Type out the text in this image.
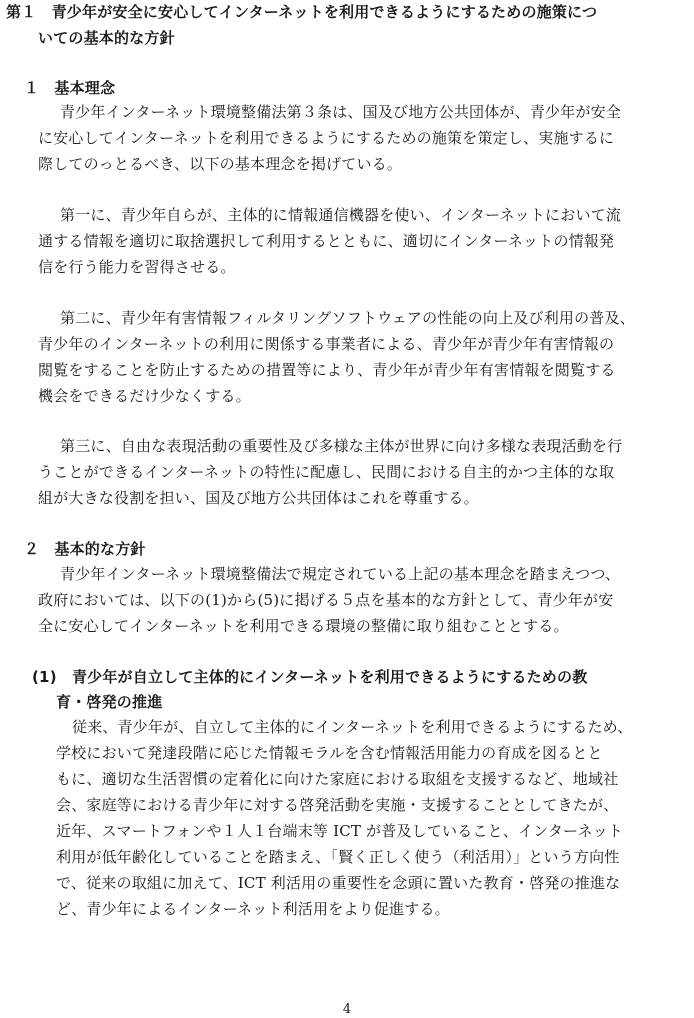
第１　青少年が安全に安心してインターネットを利用できるようにするための施策につ
いての基本的な方針
１　基本理念
青少年インターネット環境整備法第３条は、国及び地方公共団体が、青少年が安全
に安心してインターネットを利用できるようにするための施策を策定し、実施するに
際してのっとるべき、以下の基本理念を掲げている。
第一に、青少年自らが、主体的に情報通信機器を使い、インターネットにおいて流
通する情報を適切に取捨選択して利用するとともに、適切にインターネットの情報発
信を行う能力を習得させる。
第二に、青少年有害情報フィルタリングソフトウェアの性能の向上及び利用の普及、
青少年のインターネットの利用に関係する事業者による、青少年が青少年有害情報の
閲覧をすることを防止するための措置等により、青少年が青少年有害情報を閲覧する
機会をできるだけ少なくする。
第三に、自由な表現活動の重要性及び多様な主体が世界に向け多様な表現活動を行
うことができるインターネットの特性に配慮し、民間における自主的かつ主体的な取
組が大きな役割を担い、国及び地方公共団体はこれを尊重する。
２　基本的な方針
青少年インターネット環境整備法で規定されている上記の基本理念を踏まえつつ、
政府においては、以下の(1)から(5)に掲げる５点を基本的な方針として、青少年が安
全に安心してインターネットを利用できる環境の整備に取り組むこととする。
(1)　青少年が自立して主体的にインターネットを利用できるようにするための教
育・啓発の推進
従来、青少年が、自立して主体的にインターネットを利用できるようにするため、
学校において発達段階に応じた情報モラルを含む情報活用能力の育成を図るとと
もに、適切な生活習慣の定着化に向けた家庭における取組を支援するなど、地域社
会、家庭等における青少年に対する啓発活動を実施・支援することとしてきたが、
近年、スマートフォンや１人１台端末等 ICT が普及していること、インターネット
利用が低年齢化していることを踏まえ、「賢く正しく使う（利活用）」という方向性
で、従来の取組に加えて、ICT 利活用の重要性を念頭に置いた教育・啓発の推進な
ど、青少年によるインターネット利活用をより促進する。
4
